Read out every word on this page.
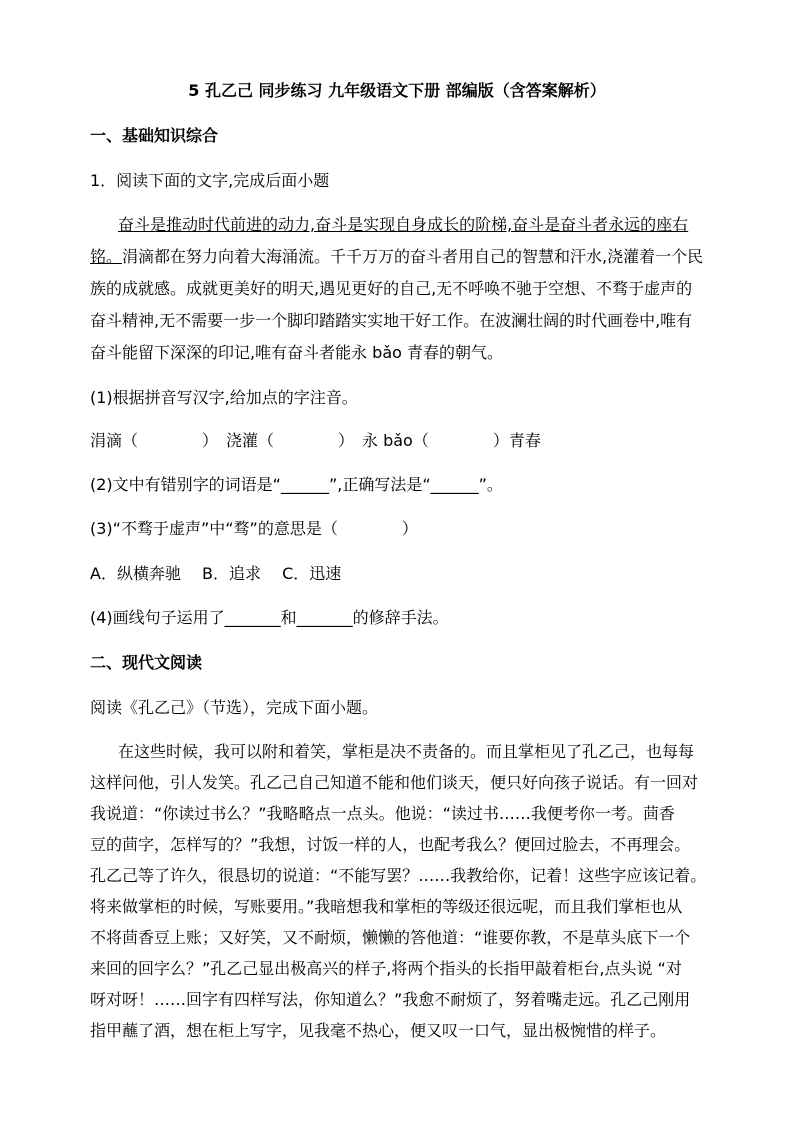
5 孔乙己 同步练习 九年级语文下册 部编版（含答案解析）
一、基础知识综合
1．阅读下面的文字,完成后面小题
奋斗是推动时代前进的动力,奋斗是实现自身成长的阶梯,奋斗是奋斗者永远的座右
铭。涓滴都在努力向着大海涌流。千千万万的奋斗者用自己的智慧和汗水,浇灌着一个民
族的成就感。成就更美好的明天,遇见更好的自己,无不呼唤不驰于空想、不骛于虚声的
奋斗精神,无不需要一步一个脚印踏踏实实地干好工作。在波澜壮阔的时代画卷中,唯有
奋斗能留下深深的印记,唯有奋斗者能永 bǎo 青春的朝气。
(1)根据拼音写汉字,给加点的字注音。
涓滴（　　　　）　浇灌（　　　　）　永 bǎo（　　　　）青春
(2)文中有错别字的词语是“______”,正确写法是“______”。
(3)“不骛于虚声”中“骛”的意思是（　　　　）
A．纵横奔驰　 B．追求　 C．迅速
(4)画线句子运用了_______和_______的修辞手法。
二、现代文阅读
阅读《孔乙己》（节选），完成下面小题。
在这些时候，我可以附和着笑，掌柜是决不责备的。而且掌柜见了孔乙己，也每每
这样问他，引人发笑。孔乙己自己知道不能和他们谈天，便只好向孩子说话。有一回对
我说道：“你读过书么？”我略略点一点头。他说：“读过书……我便考你一考。茴香
豆的茴字，怎样写的？”我想，讨饭一样的人，也配考我么？便回过脸去，不再理会。
孔乙己等了许久，很恳切的说道：“不能写罢？……我教给你，记着！这些字应该记着。
将来做掌柜的时候，写账要用。”我暗想我和掌柜的等级还很远呢，而且我们掌柜也从
不将茴香豆上账；又好笑，又不耐烦，懒懒的答他道：“谁要你教，不是草头底下一个
来回的回字么？”孔乙己显出极高兴的样子,将两个指头的长指甲敲着柜台,点头说 “对
呀对呀！……回字有四样写法，你知道么？”我愈不耐烦了，努着嘴走远。孔乙己刚用
指甲蘸了酒，想在柜上写字，见我毫不热心，便又叹一口气，显出极惋惜的样子。
